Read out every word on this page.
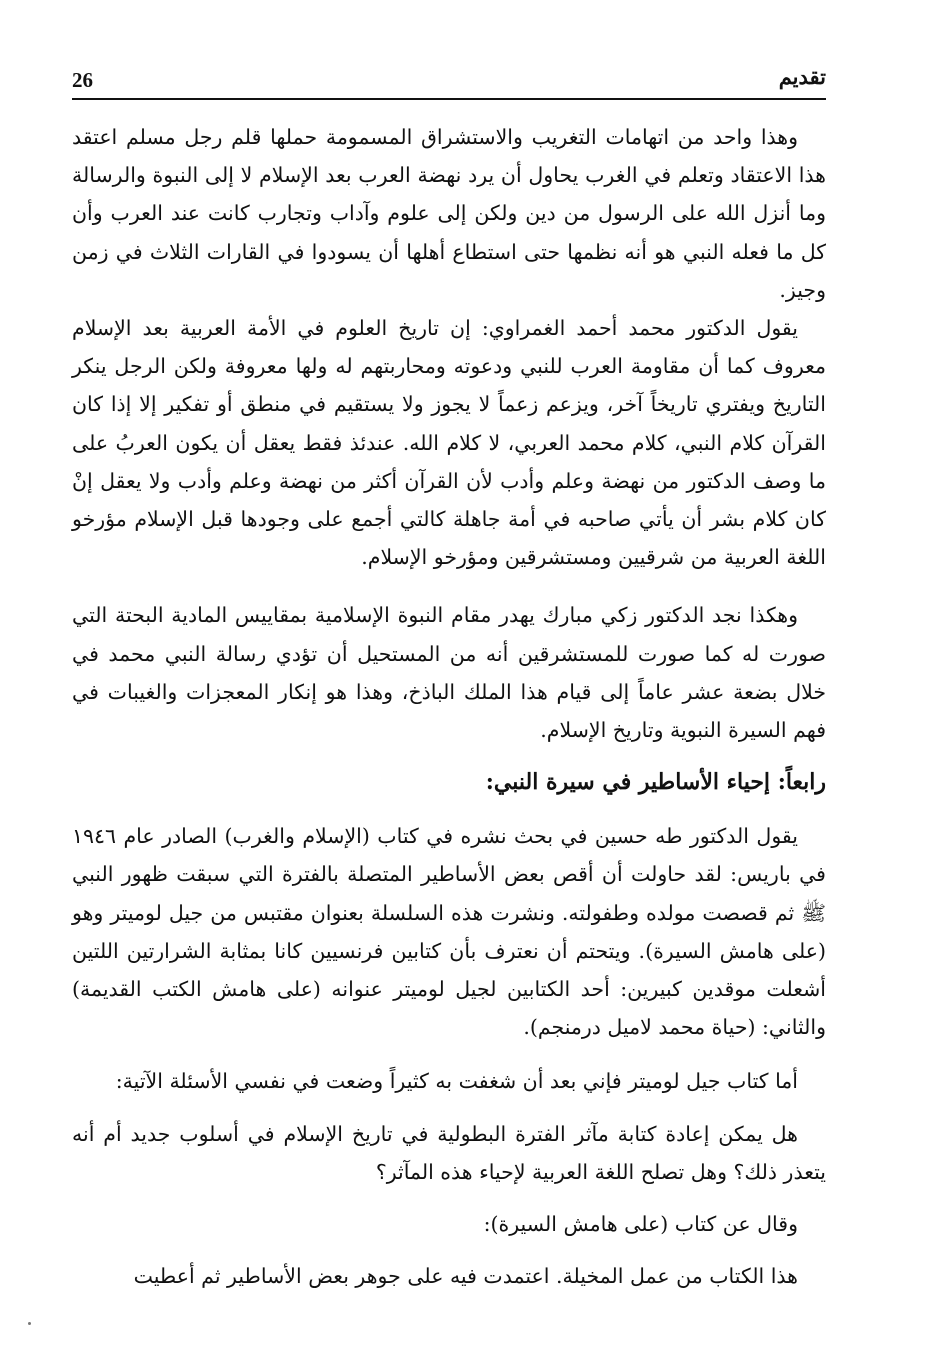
26	تقديم

وهذا واحد من اتهامات التغريب والاستشراق المسمومة حملها قلم رجل مسلم اعتقد هذا الاعتقاد وتعلم في الغرب يحاول أن يرد نهضة العرب بعد الإسلام لا إلى النبوة والرسالة وما أنزل الله على الرسول من دين ولكن إلى علوم وآداب وتجارب كانت عند العرب وأن كل ما فعله النبي هو أنه نظمها حتى استطاع أهلها أن يسودوا في القارات الثلاث في زمن وجيز.

يقول الدكتور محمد أحمد الغمراوي: إن تاريخ العلوم في الأمة العربية بعد الإسلام معروف كما أن مقاومة العرب للنبي ودعوته ومحاربتهم له ولها معروفة ولكن الرجل ينكر التاريخ ويفتري تاريخاً آخر، ويزعم زعماً لا يجوز ولا يستقيم في منطق أو تفكير إلا إذا كان القرآن كلام النبي، كلام محمد العربي، لا كلام الله. عندئذ فقط يعقل أن يكون العربُ على ما وصف الدكتور من نهضة وعلم وأدب لأن القرآن أكثر من نهضة وعلم وأدب ولا يعقل إنْ كان كلام بشر أن يأتي صاحبه في أمة جاهلة كالتي أجمع على وجودها قبل الإسلام مؤرخو اللغة العربية من شرقيين ومستشرقين ومؤرخو الإسلام.

وهكذا نجد الدكتور زكي مبارك يهدر مقام النبوة الإسلامية بمقاييس المادية البحتة التي صورت له كما صورت للمستشرقين أنه من المستحيل أن تؤدي رسالة النبي محمد في خلال بضعة عشر عاماً إلى قيام هذا الملك الباذخ، وهذا هو إنكار المعجزات والغيبات في فهم السيرة النبوية وتاريخ الإسلام.

رابعاً: إحياء الأساطير في سيرة النبي:

يقول الدكتور طه حسين في بحث نشره في كتاب (الإسلام والغرب) الصادر عام ١٩٤٦ في باريس: لقد حاولت أن أقص بعض الأساطير المتصلة بالفترة التي سبقت ظهور النبي ﷺ ثم قصصت مولده وطفولته. ونشرت هذه السلسلة بعنوان مقتبس من جيل لوميتر وهو (على هامش السيرة). ويتحتم أن نعترف بأن كتابين فرنسيين كانا بمثابة الشرارتين اللتين أشعلت موقدين كبيرين: أحد الكتابين لجيل لوميتر عنوانه (على هامش الكتب القديمة) والثاني: (حياة محمد لاميل درمنجم).

أما كتاب جيل لوميتر فإني بعد أن شغفت به كثيراً وضعت في نفسي الأسئلة الآتية:

هل يمكن إعادة كتابة مآثر الفترة البطولية في تاريخ الإسلام في أسلوب جديد أم أنه يتعذر ذلك؟ وهل تصلح اللغة العربية لإحياء هذه المآثر؟

وقال عن كتاب (على هامش السيرة):

هذا الكتاب من عمل المخيلة. اعتمدت فيه على جوهر بعض الأساطير ثم أعطيت
